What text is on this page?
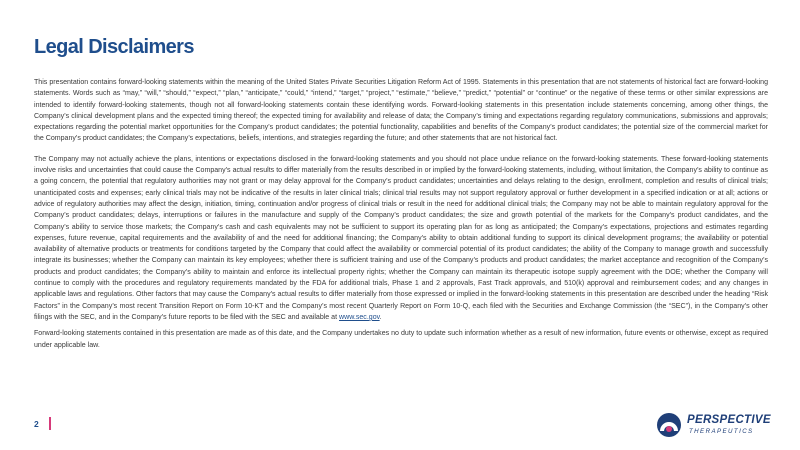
Legal Disclaimers

This presentation contains forward-looking statements within the meaning of the United States Private Securities Litigation Reform Act of 1995. Statements in this presentation that are not statements of historical fact are forward-looking statements. Words such as “may,” “will,” “should,” “expect,” “plan,” “anticipate,” “could,” “intend,” “target,” “project,” “estimate,” “believe,” “predict,” “potential” or “continue” or the negative of these terms or other similar expressions are intended to identify forward-looking statements, though not all forward-looking statements contain these identifying words. Forward-looking statements in this presentation include statements concerning, among other things, the Company’s clinical development plans and the expected timing thereof; the expected timing for availability and release of data; the Company’s timing and expectations regarding regulatory communications, submissions and approvals; expectations regarding the potential market opportunities for the Company’s product candidates; the potential functionality, capabilities and benefits of the Company’s product candidates; the potential size of the commercial market for the Company’s product candidates; the Company’s expectations, beliefs, intentions, and strategies regarding the future; and other statements that are not historical fact.

The Company may not actually achieve the plans, intentions or expectations disclosed in the forward-looking statements and you should not place undue reliance on the forward-looking statements. These forward-looking statements involve risks and uncertainties that could cause the Company’s actual results to differ materially from the results described in or implied by the forward-looking statements, including, without limitation, the Company’s ability to continue as a going concern, the potential that regulatory authorities may not grant or may delay approval for the Company’s product candidates; uncertainties and delays relating to the design, enrollment, completion and results of clinical trials; unanticipated costs and expenses; early clinical trials may not be indicative of the results in later clinical trials; clinical trial results may not support regulatory approval or further development in a specified indication or at all; actions or advice of regulatory authorities may affect the design, initiation, timing, continuation and/or progress of clinical trials or result in the need for additional clinical trials; the Company may not be able to maintain regulatory approval for the Company’s product candidates; delays, interruptions or failures in the manufacture and supply of the Company’s product candidates; the size and growth potential of the markets for the Company’s product candidates, and the Company’s ability to service those markets; the Company’s cash and cash equivalents may not be sufficient to support its operating plan for as long as anticipated; the Company’s expectations, projections and estimates regarding expenses, future revenue, capital requirements and the availability of and the need for additional financing; the Company’s ability to obtain additional funding to support its clinical development programs; the availability or potential availability of alternative products or treatments for conditions targeted by the Company that could affect the availability or commercial potential of its product candidates; the ability of the Company to manage growth and successfully integrate its businesses; whether the Company can maintain its key employees; whether there is sufficient training and use of the Company’s products and product candidates; the market acceptance and recognition of the Company’s products and product candidates; the Company’s ability to maintain and enforce its intellectual property rights; whether the Company can maintain its therapeutic isotope supply agreement with the DOE; whether the Company will continue to comply with the procedures and regulatory requirements mandated by the FDA for additional trials, Phase 1 and 2 approvals, Fast Track approvals, and 510(k) approval and reimbursement codes; and any changes in applicable laws and regulations. Other factors that may cause the Company’s actual results to differ materially from those expressed or implied in the forward-looking statements in this presentation are described under the heading “Risk Factors” in the Company’s most recent Transition Report on Form 10-KT and the Company’s most recent Quarterly Report on Form 10-Q, each filed with the Securities and Exchange Commission (the “SEC”), in the Company’s other filings with the SEC, and in the Company’s future reports to be filed with the SEC and available at www.sec.gov.

Forward-looking statements contained in this presentation are made as of this date, and the Company undertakes no duty to update such information whether as a result of new information, future events or otherwise, except as required under applicable law.

2	PERSPECTIVE
THERAPEUTICS
